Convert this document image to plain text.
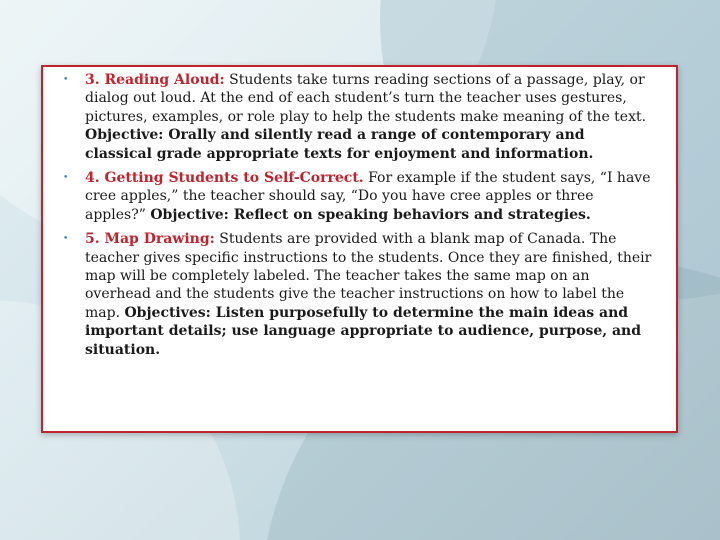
• 3. Reading Aloud: Students take turns reading sections of a passage, play, or dialog out loud. At the end of each student’s turn the teacher uses gestures, pictures, examples, or role play to help the students make meaning of the text. Objective: Orally and silently read a range of contemporary and classical grade appropriate texts for enjoyment and information.
• 4. Getting Students to Self-Correct. For example if the student says, “I have cree apples,” the teacher should say, “Do you have cree apples or three apples?” Objective: Reflect on speaking behaviors and strategies.
• 5. Map Drawing: Students are provided with a blank map of Canada. The teacher gives specific instructions to the students. Once they are finished, their map will be completely labeled. The teacher takes the same map on an overhead and the students give the teacher instructions on how to label the map. Objectives: Listen purposefully to determine the main ideas and important details; use language appropriate to audience, purpose, and situation.
